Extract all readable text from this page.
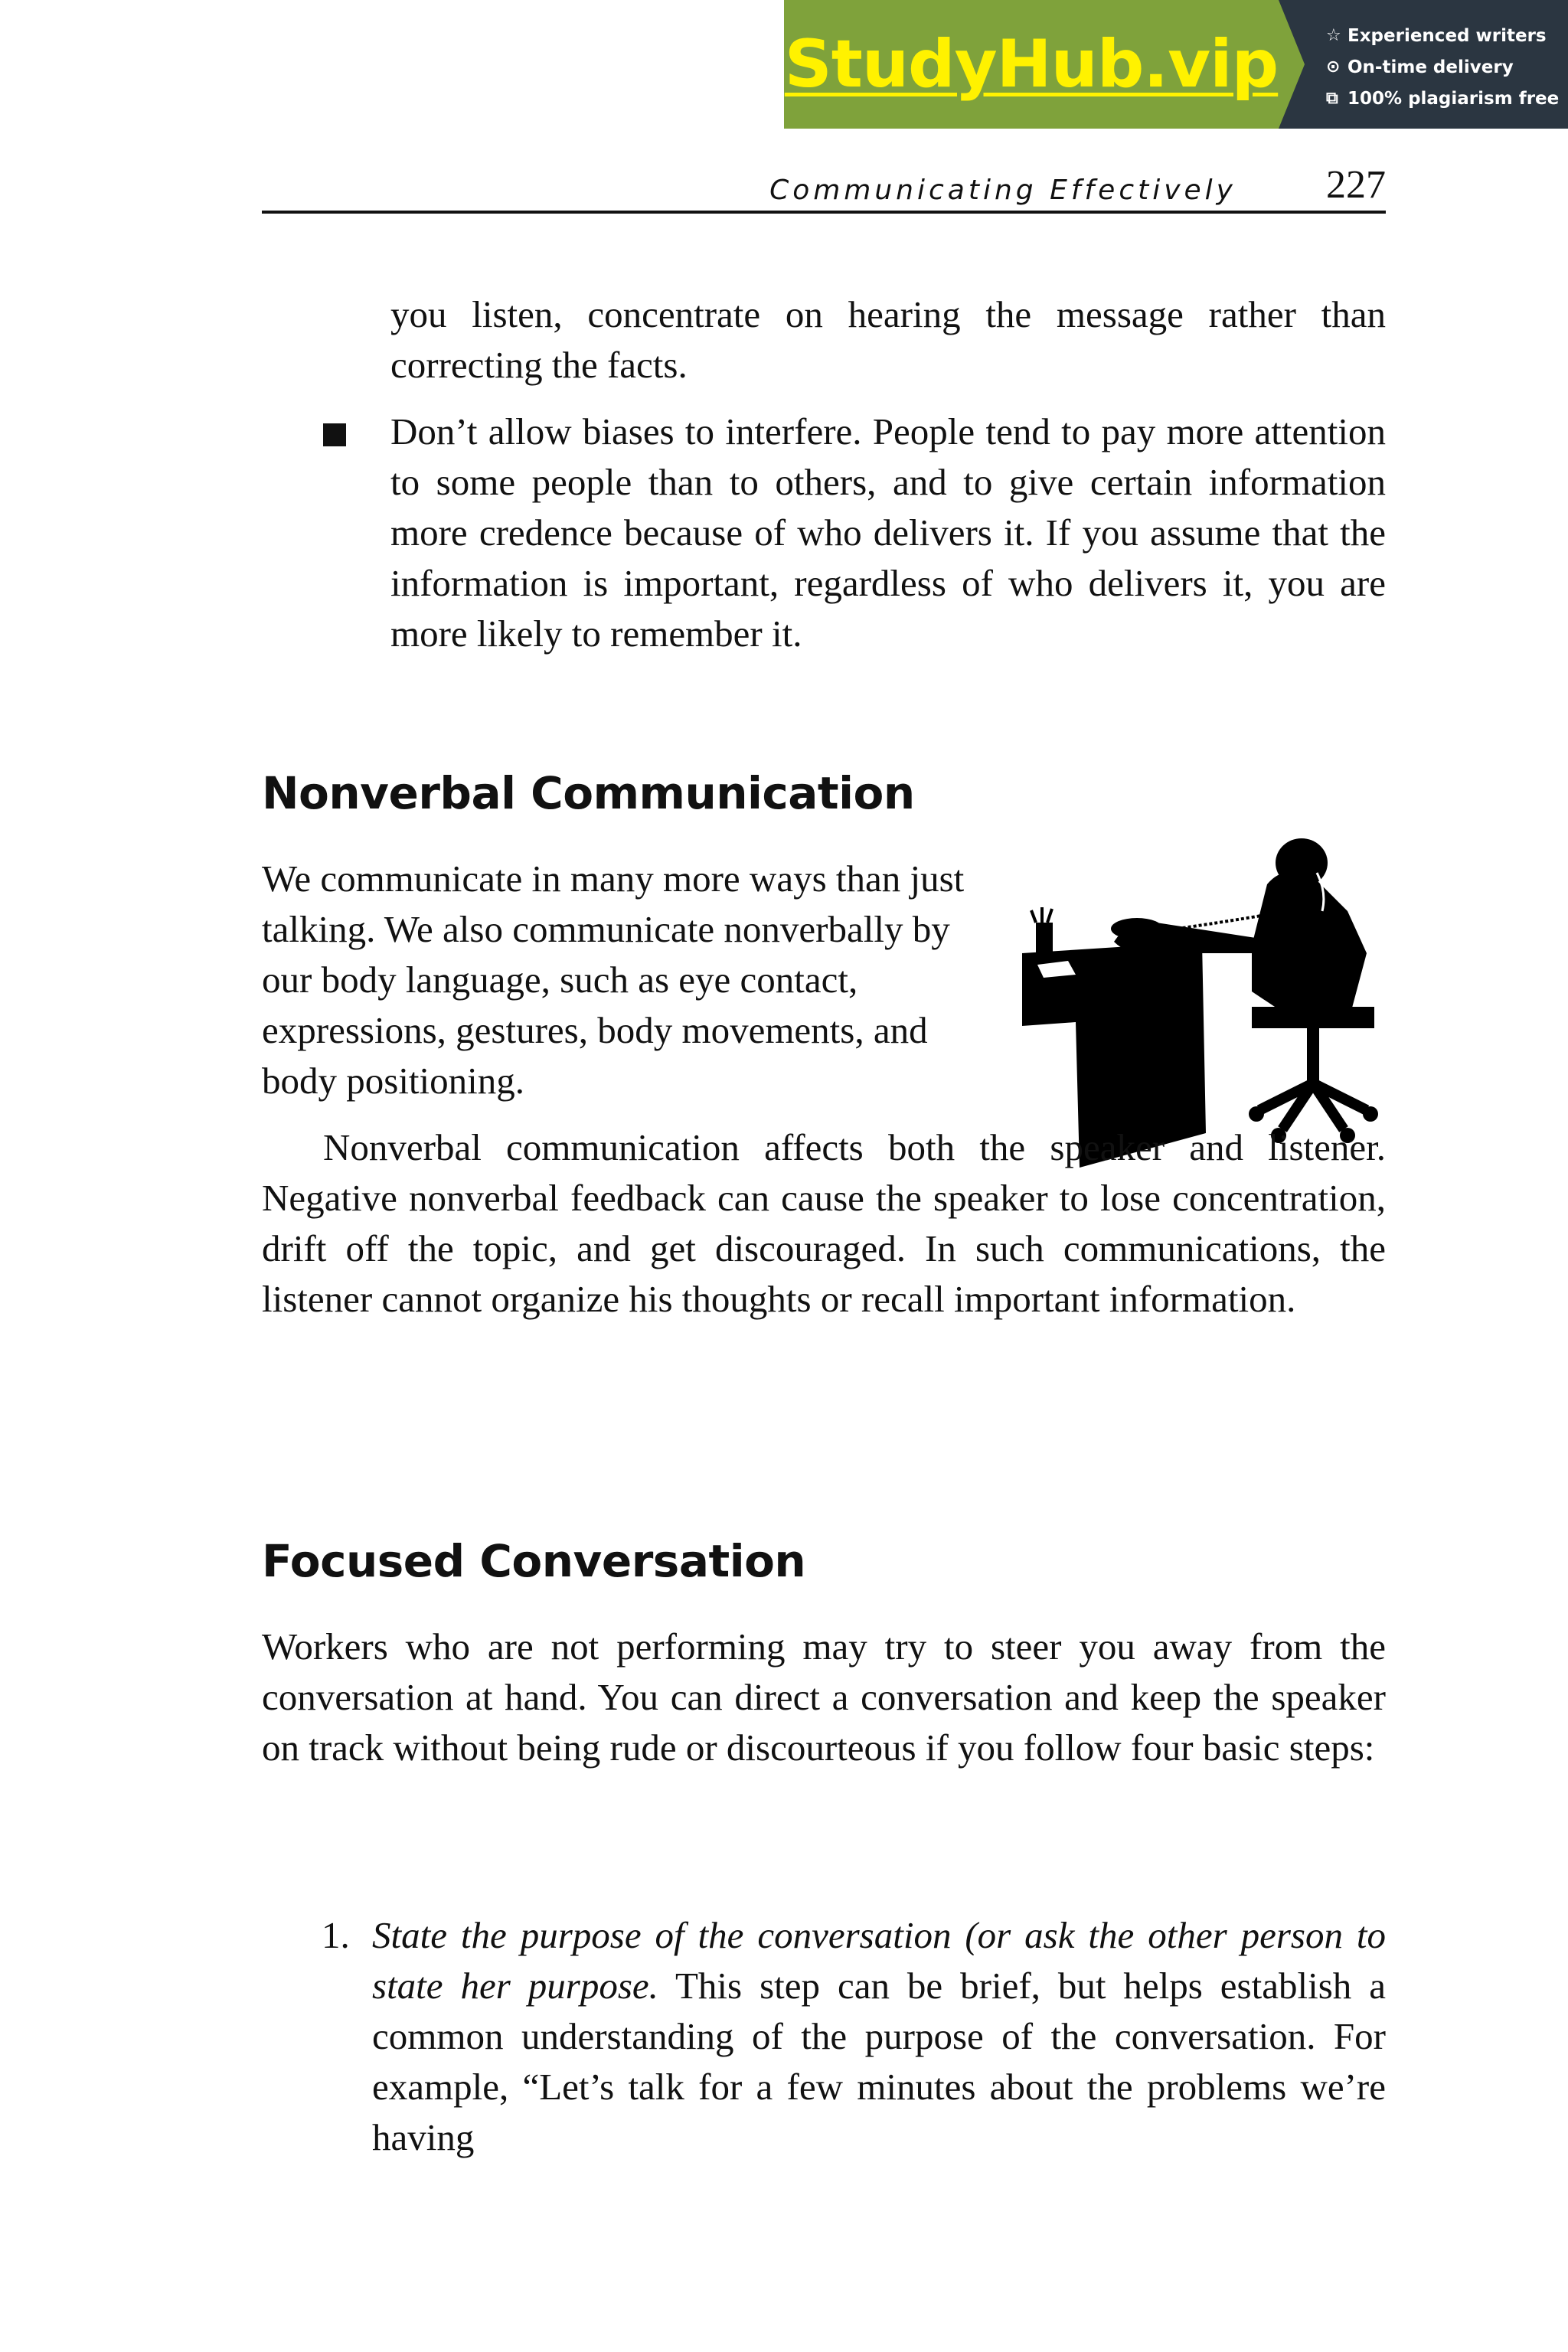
StudyHub.vip	☆ Experienced writers
⊙ On-time delivery
⧉ 100% plagiarism free
Communicating Effectively 227

you listen, concentrate on hearing the message rather than correcting the facts.

Don’t allow biases to interfere. People tend to pay more attention to some people than to others, and to give certain information more credence because of who delivers it. If you assume that the information is important, regardless of who delivers it, you are more likely to remember it.

Nonverbal Communication

We communicate in many more ways than just talking. We also communicate nonverbally by our body language, such as eye contact, expressions, gestures, body movements, and body positioning.

Nonverbal communication affects both the speaker and listener. Negative nonverbal feedback can cause the speaker to lose concentration, drift off the topic, and get discouraged. In such communications, the listener cannot organize his thoughts or recall important information.

Focused Conversation

Workers who are not performing may try to steer you away from the conversation at hand. You can direct a conversation and keep the speaker on track without being rude or discourteous if you follow four basic steps:

1. State the purpose of the conversation (or ask the other person to state her purpose. This step can be brief, but helps establish a common understanding of the purpose of the conversation. For example, “Let’s talk for a few minutes about the problems we’re having
